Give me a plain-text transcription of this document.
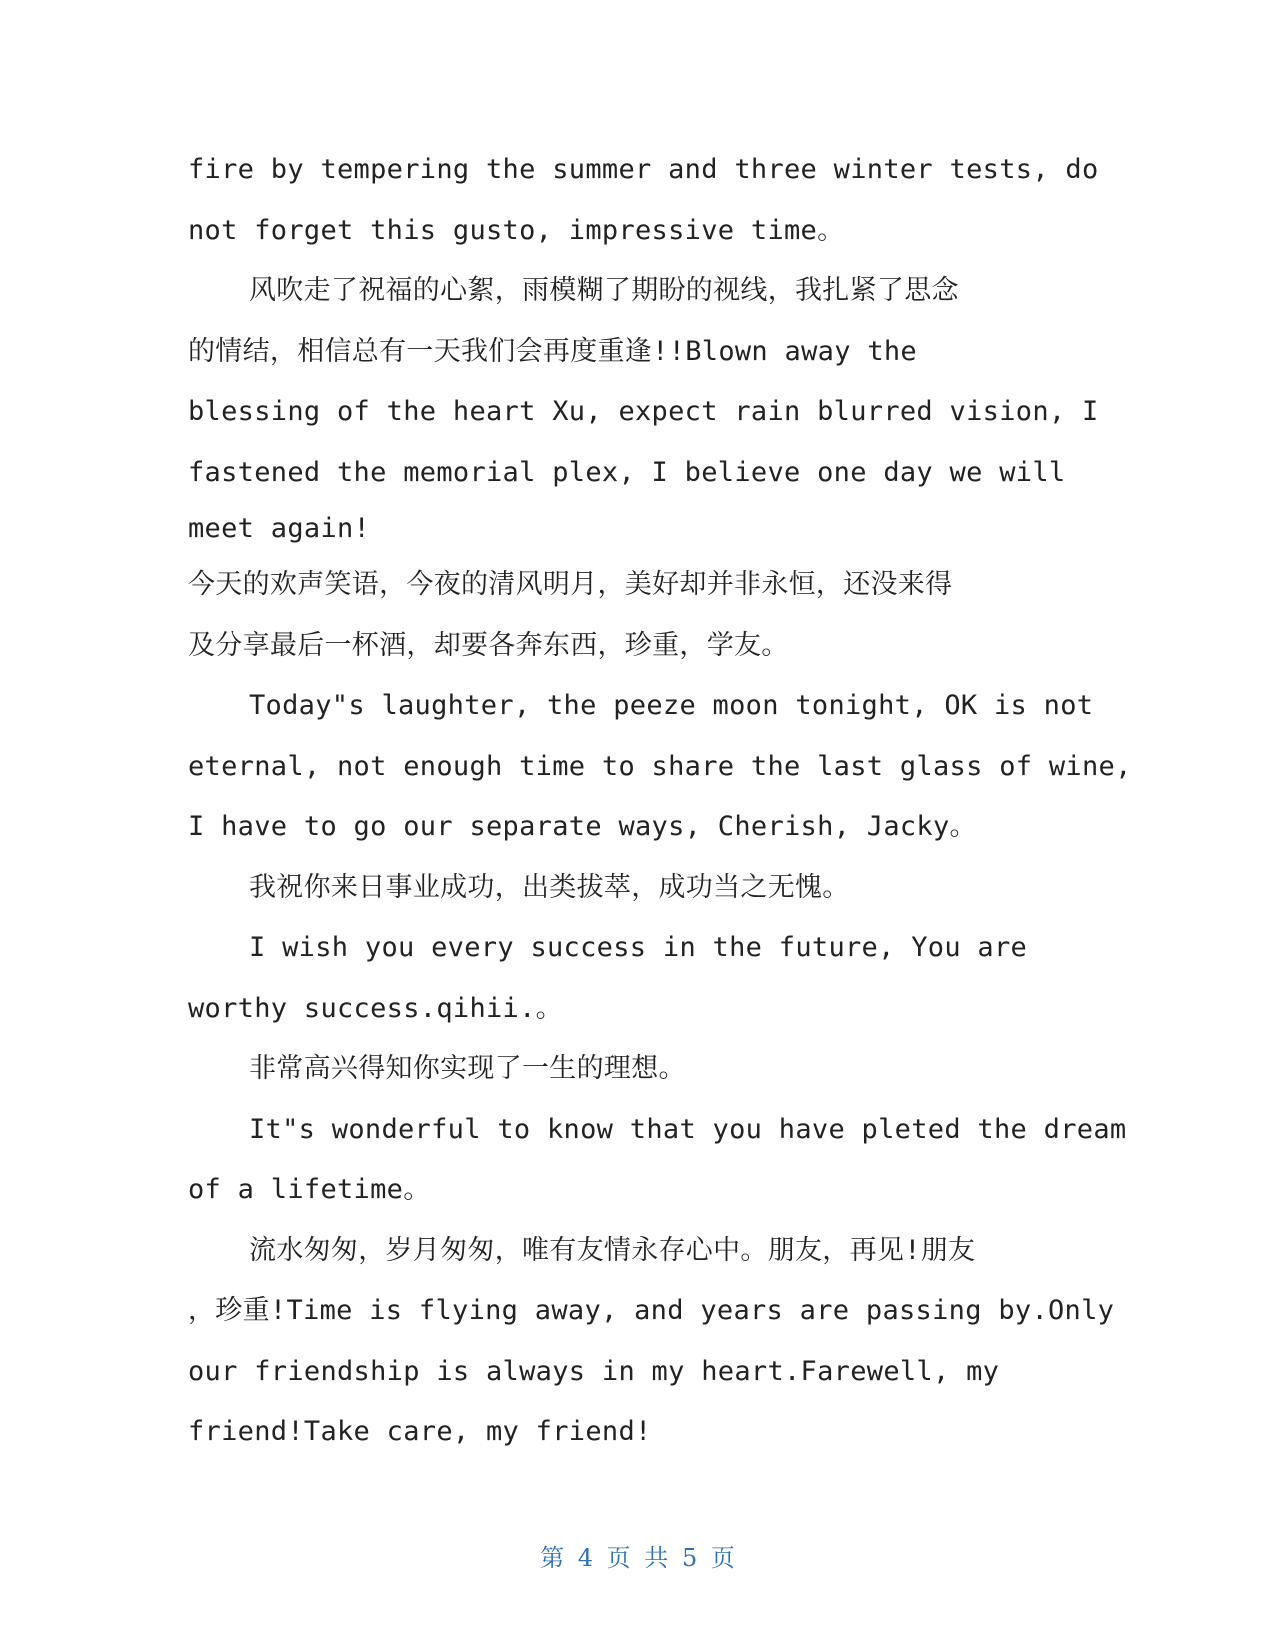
fire by tempering the summer and three winter tests, do
not forget this gusto, impressive time。
风吹走了祝福的心絮，雨模糊了期盼的视线，我扎紧了思念
的情结，相信总有一天我们会再度重逢!!Blown away the
blessing of the heart Xu, expect rain blurred vision, I
fastened the memorial plex, I believe one day we will
meet again!
今天的欢声笑语，今夜的清风明月，美好却并非永恒，还没来得
及分享最后一杯酒，却要各奔东西，珍重，学友。
Today"s laughter, the peeze moon tonight, OK is not
eternal, not enough time to share the last glass of wine,
I have to go our separate ways, Cherish, Jacky。
我祝你来日事业成功，出类拔萃，成功当之无愧。
I wish you every success in the future, You are
worthy success.qihii.。
非常高兴得知你实现了一生的理想。
It"s wonderful to know that you have pleted the dream
of a lifetime。
流水匆匆，岁月匆匆，唯有友情永存心中。朋友，再见!朋友
，珍重!Time is flying away, and years are passing by.Only
our friendship is always in my heart.Farewell, my
friend!Take care, my friend!
第 4 页 共 5 页
